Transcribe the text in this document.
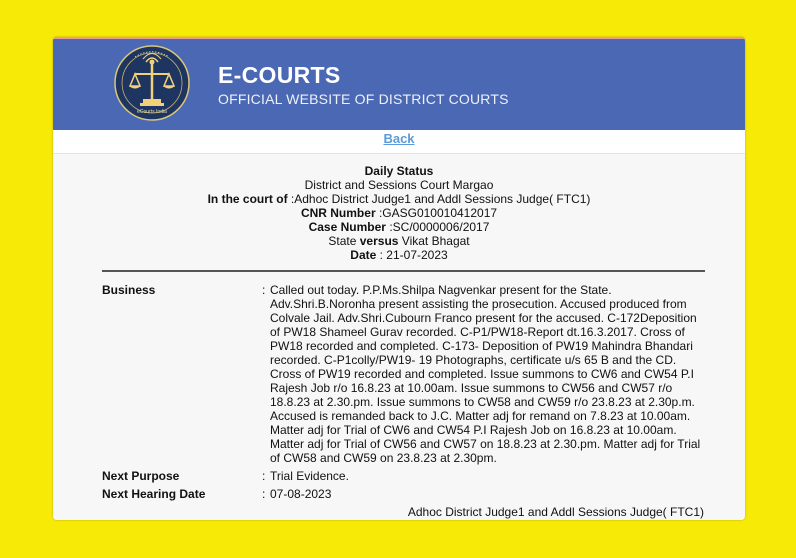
eCourts India
E-COURTS
OFFICIAL WEBSITE OF DISTRICT COURTS
Back
Daily Status
District and Sessions Court Margao
In the court of :Adhoc District Judge1 and Addl Sessions Judge( FTC1)
CNR Number :GASG010010412017
Case Number :SC/0000006/2017
State versus Vikat Bhagat
Date : 21-07-2023
Business	: Called out today. P.P.Ms.Shilpa Nagvenkar present for the State. Adv.Shri.B.Noronha present assisting the prosecution. Accused produced from Colvale Jail. Adv.Shri.Cubourn Franco present for the accused. C-172Deposition of PW18 Shameel Gurav recorded. C-P1/PW18-Report dt.16.3.2017. Cross of PW18 recorded and completed. C-173- Deposition of PW19 Mahindra Bhandari recorded. C-P1colly/PW19- 19 Photographs, certificate u/s 65 B and the CD. Cross of PW19 recorded and completed. Issue summons to CW6 and CW54 P.I Rajesh Job r/o 16.8.23 at 10.00am. Issue summons to CW56 and CW57 r/o 18.8.23 at 2.30.pm. Issue summons to CW58 and CW59 r/o 23.8.23 at 2.30p.m. Accused is remanded back to J.C. Matter adj for remand on 7.8.23 at 10.00am. Matter adj for Trial of CW6 and CW54 P.I Rajesh Job on 16.8.23 at 10.00am. Matter adj for Trial of CW56 and CW57 on 18.8.23 at 2.30.pm. Matter adj for Trial of CW58 and CW59 on 23.8.23 at 2.30pm.
Next Purpose	: Trial Evidence.
Next Hearing Date	: 07-08-2023
Adhoc District Judge1 and Addl Sessions Judge( FTC1)
